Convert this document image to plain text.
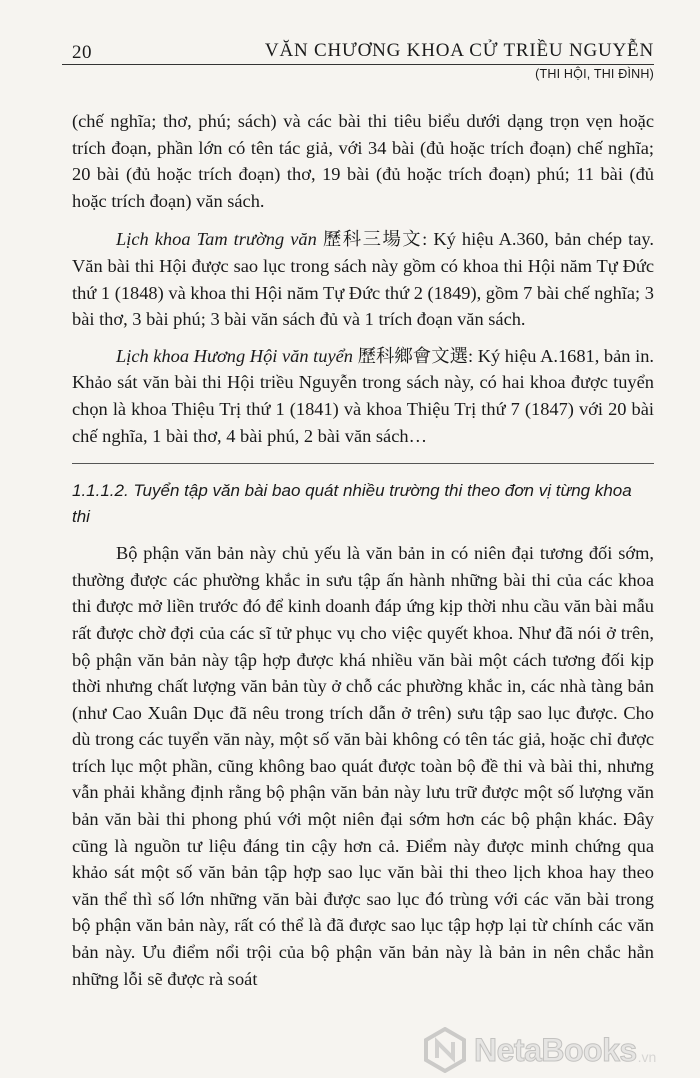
20	VĂN CHƯƠNG KHOA CỬ TRIỀU NGUYỄN
(THI HỘI, THI ĐÌNH)

(chế nghĩa; thơ, phú; sách) và các bài thi tiêu biểu dưới dạng trọn vẹn hoặc trích đoạn, phần lớn có tên tác giả, với 34 bài (đủ hoặc trích đoạn) chế nghĩa; 20 bài (đủ hoặc trích đoạn) thơ, 19 bài (đủ hoặc trích đoạn) phú; 11 bài (đủ hoặc trích đoạn) văn sách.

Lịch khoa Tam trường văn 歷科三場文: Ký hiệu A.360, bản chép tay. Văn bài thi Hội được sao lục trong sách này gồm có khoa thi Hội năm Tự Đức thứ 1 (1848) và khoa thi Hội năm Tự Đức thứ 2 (1849), gồm 7 bài chế nghĩa; 3 bài thơ, 3 bài phú; 3 bài văn sách đủ và 1 trích đoạn văn sách.

Lịch khoa Hương Hội văn tuyển 歷科鄉會文選: Ký hiệu A.1681, bản in. Khảo sát văn bài thi Hội triều Nguyễn trong sách này, có hai khoa được tuyển chọn là khoa Thiệu Trị thứ 1 (1841) và khoa Thiệu Trị thứ 7 (1847) với 20 bài chế nghĩa, 1 bài thơ, 4 bài phú, 2 bài văn sách…

1.1.1.2. Tuyển tập văn bài bao quát nhiều trường thi theo đơn vị từng khoa thi

Bộ phận văn bản này chủ yếu là văn bản in có niên đại tương đối sớm, thường được các phường khắc in sưu tập ấn hành những bài thi của các khoa thi được mở liền trước đó để kinh doanh đáp ứng kịp thời nhu cầu văn bài mẫu rất được chờ đợi của các sĩ tử phục vụ cho việc quyết khoa. Như đã nói ở trên, bộ phận văn bản này tập hợp được khá nhiều văn bài một cách tương đối kịp thời nhưng chất lượng văn bản tùy ở chỗ các phường khắc in, các nhà tàng bản (như Cao Xuân Dục đã nêu trong trích dẫn ở trên) sưu tập sao lục được. Cho dù trong các tuyển văn này, một số văn bài không có tên tác giả, hoặc chỉ được trích lục một phần, cũng không bao quát được toàn bộ đề thi và bài thi, nhưng vẫn phải khẳng định rằng bộ phận văn bản này lưu trữ được một số lượng văn bản văn bài thi phong phú với một niên đại sớm hơn các bộ phận khác. Đây cũng là nguồn tư liệu đáng tin cậy hơn cả. Điểm này được minh chứng qua khảo sát một số văn bản tập hợp sao lục văn bài thi theo lịch khoa hay theo văn thể thì số lớn những văn bài được sao lục đó trùng với các văn bài trong bộ phận văn bản này, rất có thể là đã được sao lục tập hợp lại từ chính các văn bản này. Ưu điểm nổi trội của bộ phận văn bản này là bản in nên chắc hẳn những lỗi sẽ được rà soát

NetaBooks .vn
